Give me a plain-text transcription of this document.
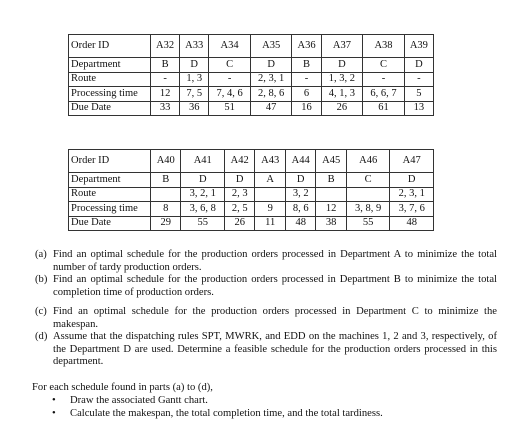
Order ID	A32	A33	A34	A35	A36	A37	A38	A39
Department	B	D	C	D	B	D	C	D
Route	-	1, 3	-	2, 3, 1	-	1, 3, 2	-	-
Processing time	12	7, 5	7, 4, 6	2, 8, 6	6	4, 1, 3	6, 6, 7	5
Due Date	33	36	51	47	16	26	61	13
Order ID	A40	A41	A42	A43	A44	A45	A46	A47
Department	B	D	D	A	D	B	C	D
Route		3, 2, 1	2, 3		3, 2			2, 3, 1
Processing time	8	3, 6, 8	2, 5	9	8, 6	12	3, 8, 9	3, 7, 6
Due Date	29	55	26	11	48	38	55	48
(a) Find an optimal schedule for the production orders processed in Department A to minimize the total number of tardy production orders.
(b) Find an optimal schedule for the production orders processed in Department B to minimize the total completion time of production orders.
(c) Find an optimal schedule for the production orders processed in Department C to minimize the makespan.
(d) Assume that the dispatching rules SPT, MWRK, and EDD on the machines 1, 2 and 3, respectively, of the Department D are used. Determine a feasible schedule for the production orders processed in this department.
For each schedule found in parts (a) to (d),
• Draw the associated Gantt chart.
• Calculate the makespan, the total completion time, and the total tardiness.
